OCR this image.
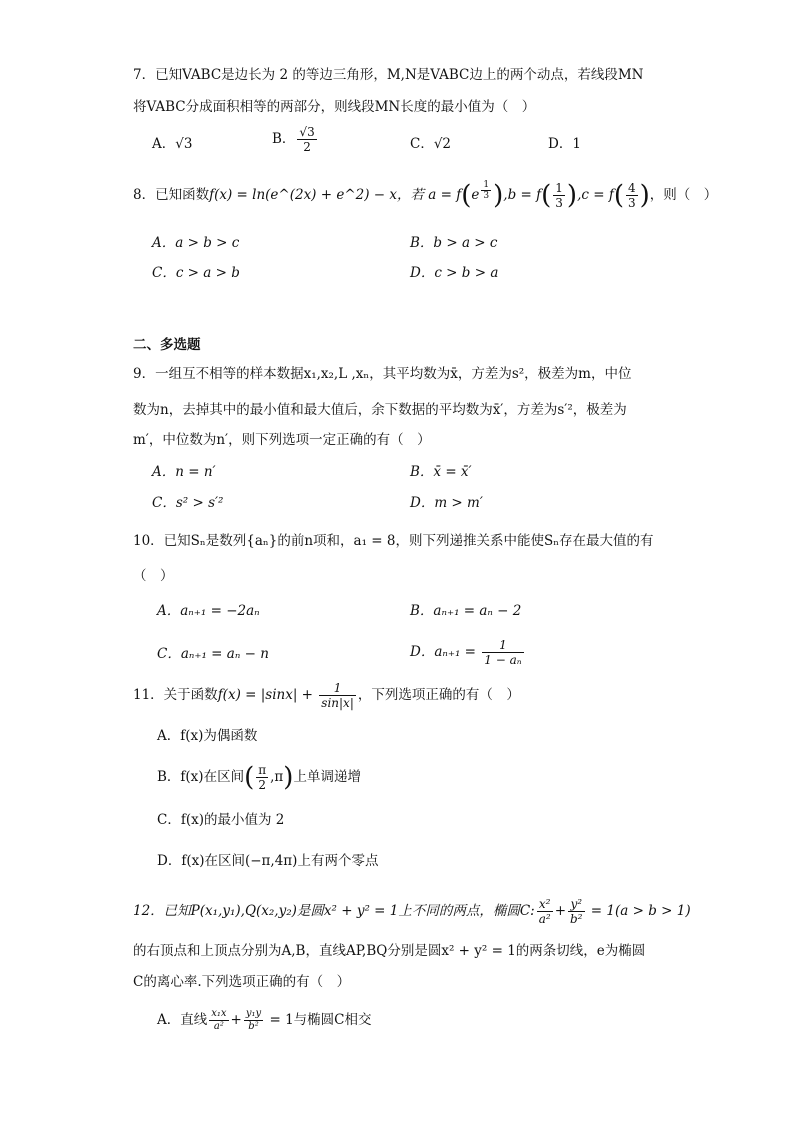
7．已知VABC是边长为 2 的等边三角形，M,N是VABC边上的两个动点，若线段MN
将VABC分成面积相等的两部分，则线段MN长度的最小值为（　）
A．√3	B． $\frac{√3}{2}$	C．√2	D．1
8．已知函数f(x) = ln(e^(2x) + e^2) − x，若 $a = f(e \frac{1}{3} ),b = f( \frac{1}{3} ),c = f( \frac{4}{3}$ )，则（　）
A．a > b > c	B．b > a > c
C．c > a > b	D．c > b > a
二、多选题
9．一组互不相等的样本数据x₁,x₂,L ,xₙ，其平均数为x̄，方差为s²，极差为m，中位
数为n，去掉其中的最小值和最大值后，余下数据的平均数为x̄′，方差为s′²，极差为
m′，中位数为n′，则下列选项一定正确的有（　）
A．n = n′	B．x̄ = x̄′
C．s² > s′²	D．m > m′
10．已知Sₙ是数列{aₙ}的前n项和，a₁ = 8，则下列递推关系中能使Sₙ存在最大值的有
（　）
A．aₙ₊₁ = −2aₙ	B．aₙ₊₁ = aₙ − 2
C．aₙ₊₁ = aₙ − n	D．$a_{n+1} = \frac{1}{\text{1 − aₙ}}$
11．关于函数$f(x) = |\sin x| + \frac{1}{\sin|x|}$ ，下列选项正确的有（　）
A．f(x)为偶函数
B．f(x)在区间( $\frac{\pi}{2} ,\pi$)上单调递增
C．f(x)的最小值为 2
D．f(x)在区间(−π,4π)上有两个零点
12．已知P(x₁,y₁),Q(x₂,y₂)是圆x² + y² = 1上不同的两点，椭圆C: $\frac{\text{x²}}{\text{a²}} + \frac{\text{y²}}{\text{b²}} = 1(a > b > 1)$
的右顶点和上顶点分别为A,B，直线AP,BQ分别是圆x² + y² = 1的两条切线，e为椭圆
C的离心率.下列选项正确的有（　）
A．直线 $\frac{\text{x₁x}}{\text{a²}} + \frac{\text{y₁y}}{\text{b²}} = 1$与椭圆C相交
